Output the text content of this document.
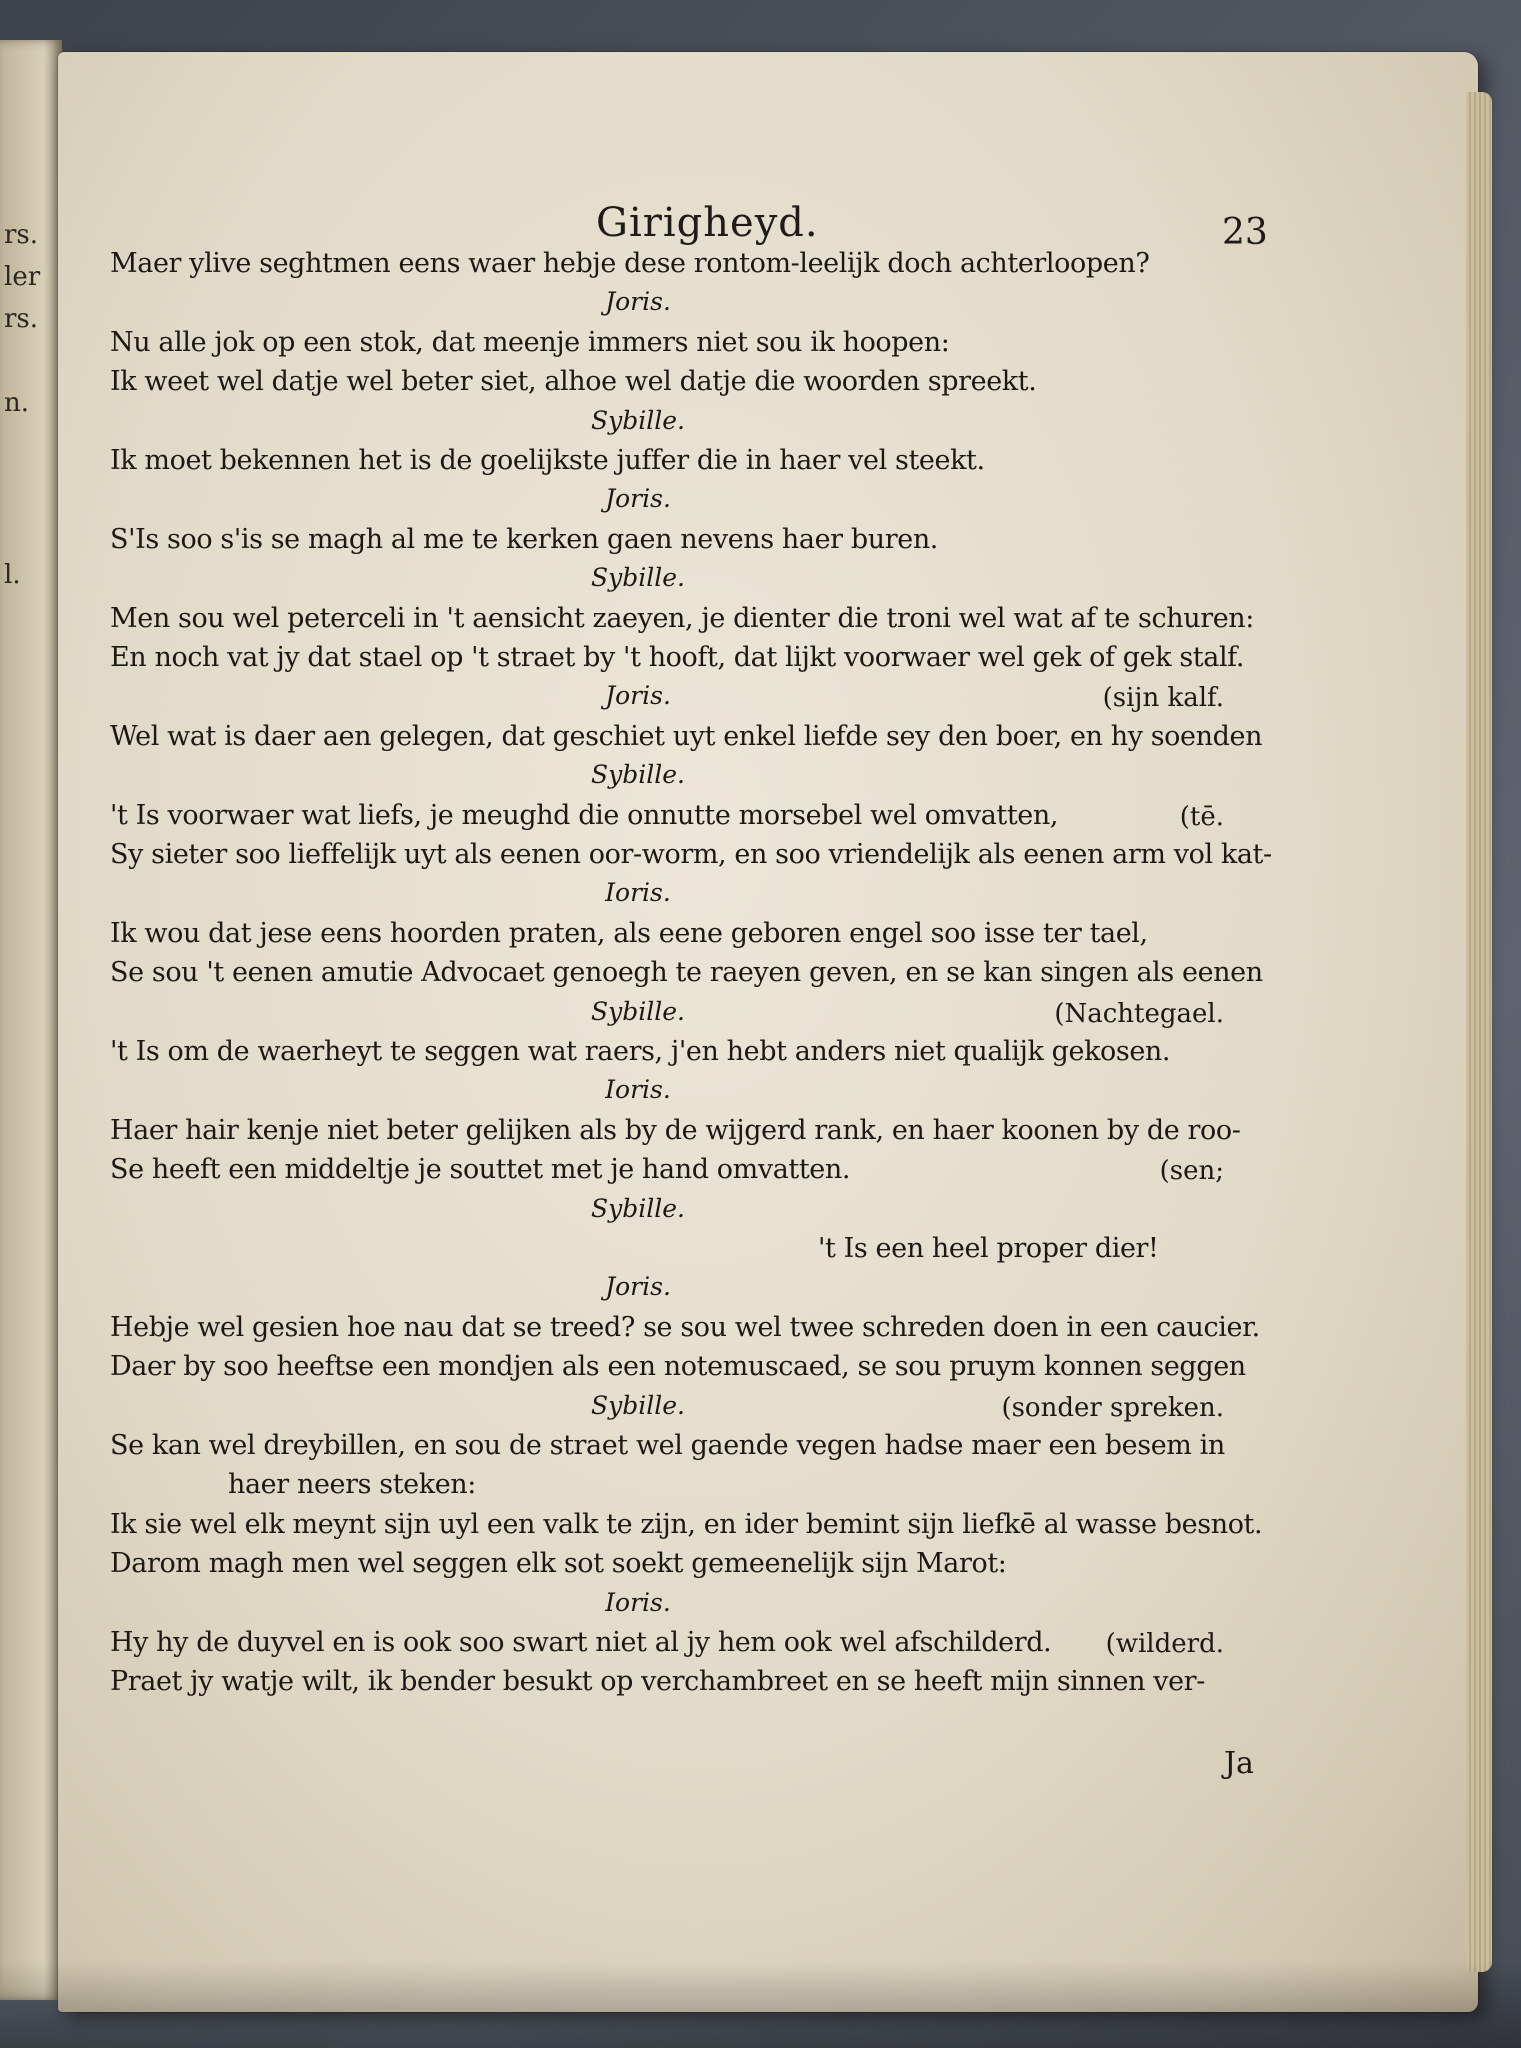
rs.
ler
rs.
n.
l.
Girigheyd.	23
Ja
Maer ylive seghtmen eens waer hebje dese rontom-leelijk doch achterloopen?
Joris.
Nu alle jok op een stok, dat meenje immers niet sou ik hoopen:
Ik weet wel datje wel beter siet, alhoe wel datje die woorden spreekt.
Sybille.
Ik moet bekennen het is de goelijkste juffer die in haer vel steekt.
Joris.
S'Is soo s'is se magh al me te kerken gaen nevens haer buren.
Sybille.
Men sou wel peterceli in 't aensicht zaeyen, je dienter die troni wel wat af te schuren:
En noch vat jy dat stael op 't straet by 't hooft, dat lijkt voorwaer wel gek of gek stalf.
Joris.	(sijn kalf.
Wel wat is daer aen gelegen, dat geschiet uyt enkel liefde sey den boer, en hy soenden
Sybille.
't Is voorwaer wat liefs, je meughd die onnutte morsebel wel omvatten,	(tē.
Sy sieter soo lieffelijk uyt als eenen oor-worm, en soo vriendelijk als eenen arm vol kat-
Ioris.
Ik wou dat jese eens hoorden praten, als eene geboren engel soo isse ter tael,
Se sou 't eenen amutie Advocaet genoegh te raeyen geven, en se kan singen als eenen
Sybille.	(Nachtegael.
't Is om de waerheyt te seggen wat raers, j'en hebt anders niet qualijk gekosen.
Ioris.
Haer hair kenje niet beter gelijken als by de wijgerd rank, en haer koonen by de roo-
Se heeft een middeltje je souttet met je hand omvatten.	(sen;
Sybille.
't Is een heel proper dier!
Joris.
Hebje wel gesien hoe nau dat se treed? se sou wel twee schreden doen in een caucier.
Daer by soo heeftse een mondjen als een notemuscaed, se sou pruym konnen seggen
Sybille.	(sonder spreken.
Se kan wel dreybillen, en sou de straet wel gaende vegen hadse maer een besem in
haer neers steken:
Ik sie wel elk meynt sijn uyl een valk te zijn, en ider bemint sijn liefkē al wasse besnot.
Darom magh men wel seggen elk sot soekt gemeenelijk sijn Marot:
Ioris.
Hy hy de duyvel en is ook soo swart niet al jy hem ook wel afschilderd. (wilderd.
Praet jy watje wilt, ik bender besukt op verchambreet en se heeft mijn sinnen ver-
